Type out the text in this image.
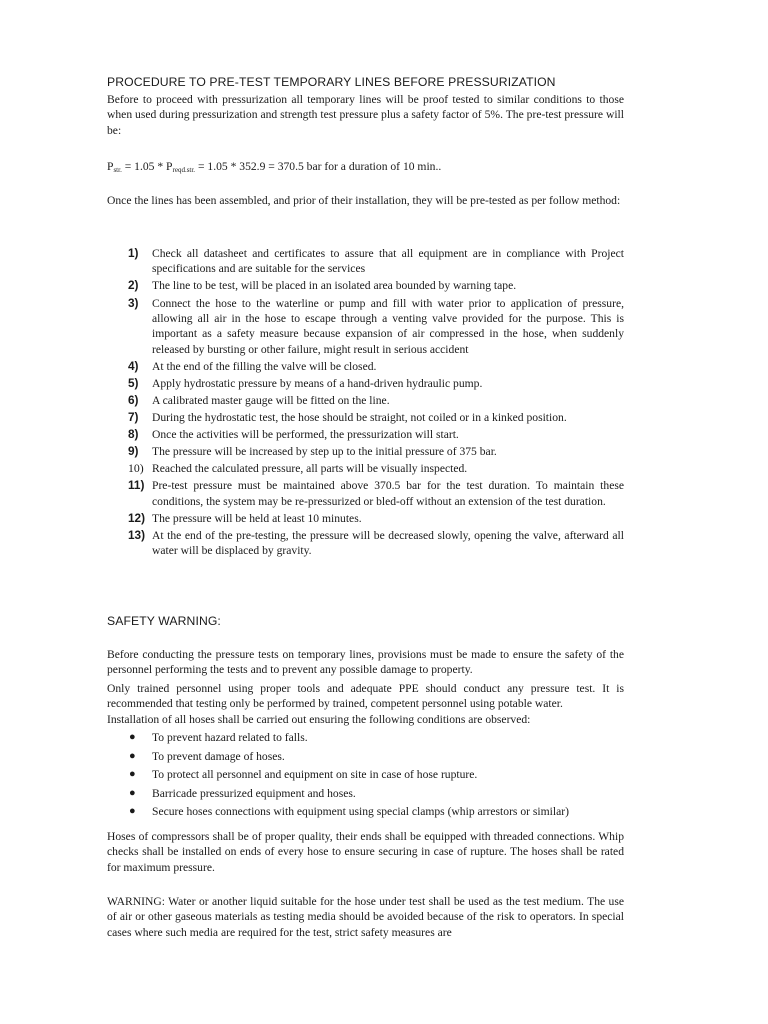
PROCEDURE TO PRE-TEST TEMPORARY LINES BEFORE PRESSURIZATION
Before to proceed with pressurization all temporary lines will be proof tested to similar conditions to those when used during pressurization and strength test pressure plus a safety factor of 5%. The pre-test pressure will be:
$P_{str.} = 1.05 * P_{reqd.str.} = 1.05 * 352.9 = 370.5$ bar for a duration of 10 min..
Once the lines has been assembled, and prior of their installation, they will be pre-tested as per follow method:
1) Check all datasheet and certificates to assure that all equipment are in compliance with Project specifications and are suitable for the services
2) The line to be test, will be placed in an isolated area bounded by warning tape.
3) Connect the hose to the waterline or pump and fill with water prior to application of pressure, allowing all air in the hose to escape through a venting valve provided for the purpose. This is important as a safety measure because expansion of air compressed in the hose, when suddenly released by bursting or other failure, might result in serious accident
4) At the end of the filling the valve will be closed.
5) Apply hydrostatic pressure by means of a hand-driven hydraulic pump.
6) A calibrated master gauge will be fitted on the line.
7) During the hydrostatic test, the hose should be straight, not coiled or in a kinked position.
8) Once the activities will be performed, the pressurization will start.
9) The pressure will be increased by step up to the initial pressure of 375 bar.
10) Reached the calculated pressure, all parts will be visually inspected.
11) Pre-test pressure must be maintained above 370.5 bar for the test duration. To maintain these conditions, the system may be re-pressurized or bled-off without an extension of the test duration.
12) The pressure will be held at least 10 minutes.
13) At the end of the pre-testing, the pressure will be decreased slowly, opening the valve, afterward all water will be displaced by gravity.
SAFETY WARNING:
Before conducting the pressure tests on temporary lines, provisions must be made to ensure the safety of the personnel performing the tests and to prevent any possible damage to property.
Only trained personnel using proper tools and adequate PPE should conduct any pressure test. It is recommended that testing only be performed by trained, competent personnel using potable water.
Installation of all hoses shall be carried out ensuring the following conditions are observed:
● To prevent hazard related to falls.
● To prevent damage of hoses.
● To protect all personnel and equipment on site in case of hose rupture.
● Barricade pressurized equipment and hoses.
● Secure hoses connections with equipment using special clamps (whip arrestors or similar)
Hoses of compressors shall be of proper quality, their ends shall be equipped with threaded connections. Whip checks shall be installed on ends of every hose to ensure securing in case of rupture. The hoses shall be rated for maximum pressure.
WARNING: Water or another liquid suitable for the hose under test shall be used as the test medium. The use of air or other gaseous materials as testing media should be avoided because of the risk to operators. In special cases where such media are required for the test, strict safety measures are
